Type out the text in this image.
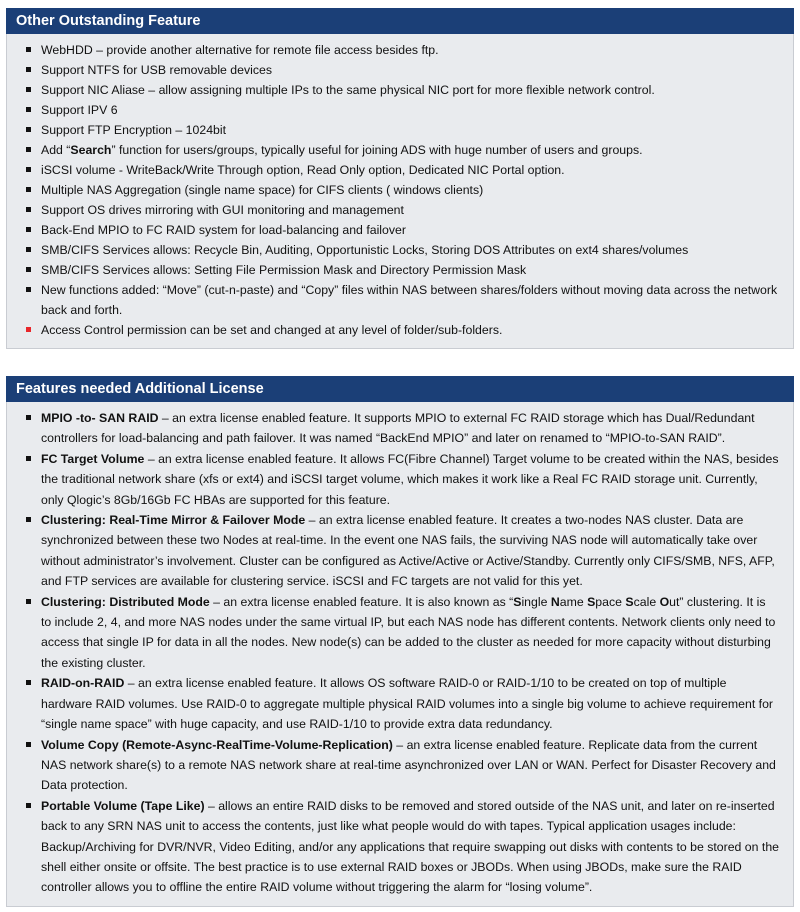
Other Outstanding Feature
WebHDD – provide another alternative for remote file access besides ftp.
Support NTFS for USB removable devices
Support NIC Aliase – allow assigning multiple IPs to the same physical NIC port for more flexible network control.
Support IPV 6
Support FTP Encryption – 1024bit
Add “Search” function for users/groups, typically useful for joining ADS with huge number of users and groups.
iSCSI volume - WriteBack/Write Through option, Read Only option, Dedicated NIC Portal option.
Multiple NAS Aggregation (single name space) for CIFS clients ( windows clients)
Support OS drives mirroring with GUI monitoring and management
Back-End MPIO to FC RAID system for load-balancing and failover
SMB/CIFS Services allows: Recycle Bin, Auditing, Opportunistic Locks, Storing DOS Attributes on ext4 shares/volumes
SMB/CIFS Services allows: Setting File Permission Mask and Directory Permission Mask
New functions added: “Move” (cut-n-paste) and “Copy” files within NAS between shares/folders without moving data across the network back and forth.
Access Control permission can be set and changed at any level of folder/sub-folders.
Features needed Additional License
MPIO -to- SAN RAID – an extra license enabled feature. It supports MPIO to external FC RAID storage which has Dual/Redundant controllers for load-balancing and path failover. It was named “BackEnd MPIO” and later on renamed to “MPIO-to-SAN RAID”.
FC Target Volume – an extra license enabled feature. It allows FC(Fibre Channel) Target volume to be created within the NAS, besides the traditional network share (xfs or ext4) and iSCSI target volume, which makes it work like a Real FC RAID storage unit. Currently, only Qlogic’s 8Gb/16Gb FC HBAs are supported for this feature.
Clustering: Real-Time Mirror & Failover Mode – an extra license enabled feature. It creates a two-nodes NAS cluster. Data are synchronized between these two Nodes at real-time. In the event one NAS fails, the surviving NAS node will automatically take over without administrator’s involvement. Cluster can be configured as Active/Active or Active/Standby. Currently only CIFS/SMB, NFS, AFP, and FTP services are available for clustering service. iSCSI and FC targets are not valid for this yet.
Clustering: Distributed Mode – an extra license enabled feature. It is also known as “Single Name Space Scale Out” clustering. It is to include 2, 4, and more NAS nodes under the same virtual IP, but each NAS node has different contents. Network clients only need to access that single IP for data in all the nodes. New node(s) can be added to the cluster as needed for more capacity without disturbing the existing cluster.
RAID-on-RAID – an extra license enabled feature. It allows OS software RAID-0 or RAID-1/10 to be created on top of multiple hardware RAID volumes. Use RAID-0 to aggregate multiple physical RAID volumes into a single big volume to achieve requirement for “single name space” with huge capacity, and use RAID-1/10 to provide extra data redundancy.
Volume Copy (Remote-Async-RealTime-Volume-Replication) – an extra license enabled feature. Replicate data from the current NAS network share(s) to a remote NAS network share at real-time asynchronized over LAN or WAN. Perfect for Disaster Recovery and Data protection.
Portable Volume (Tape Like) – allows an entire RAID disks to be removed and stored outside of the NAS unit, and later on re-inserted back to any SRN NAS unit to access the contents, just like what people would do with tapes. Typical application usages include: Backup/Archiving for DVR/NVR, Video Editing, and/or any applications that require swapping out disks with contents to be stored on the shell either onsite or offsite. The best practice is to use external RAID boxes or JBODs. When using JBODs, make sure the RAID controller allows you to offline the entire RAID volume without triggering the alarm for “losing volume”.
